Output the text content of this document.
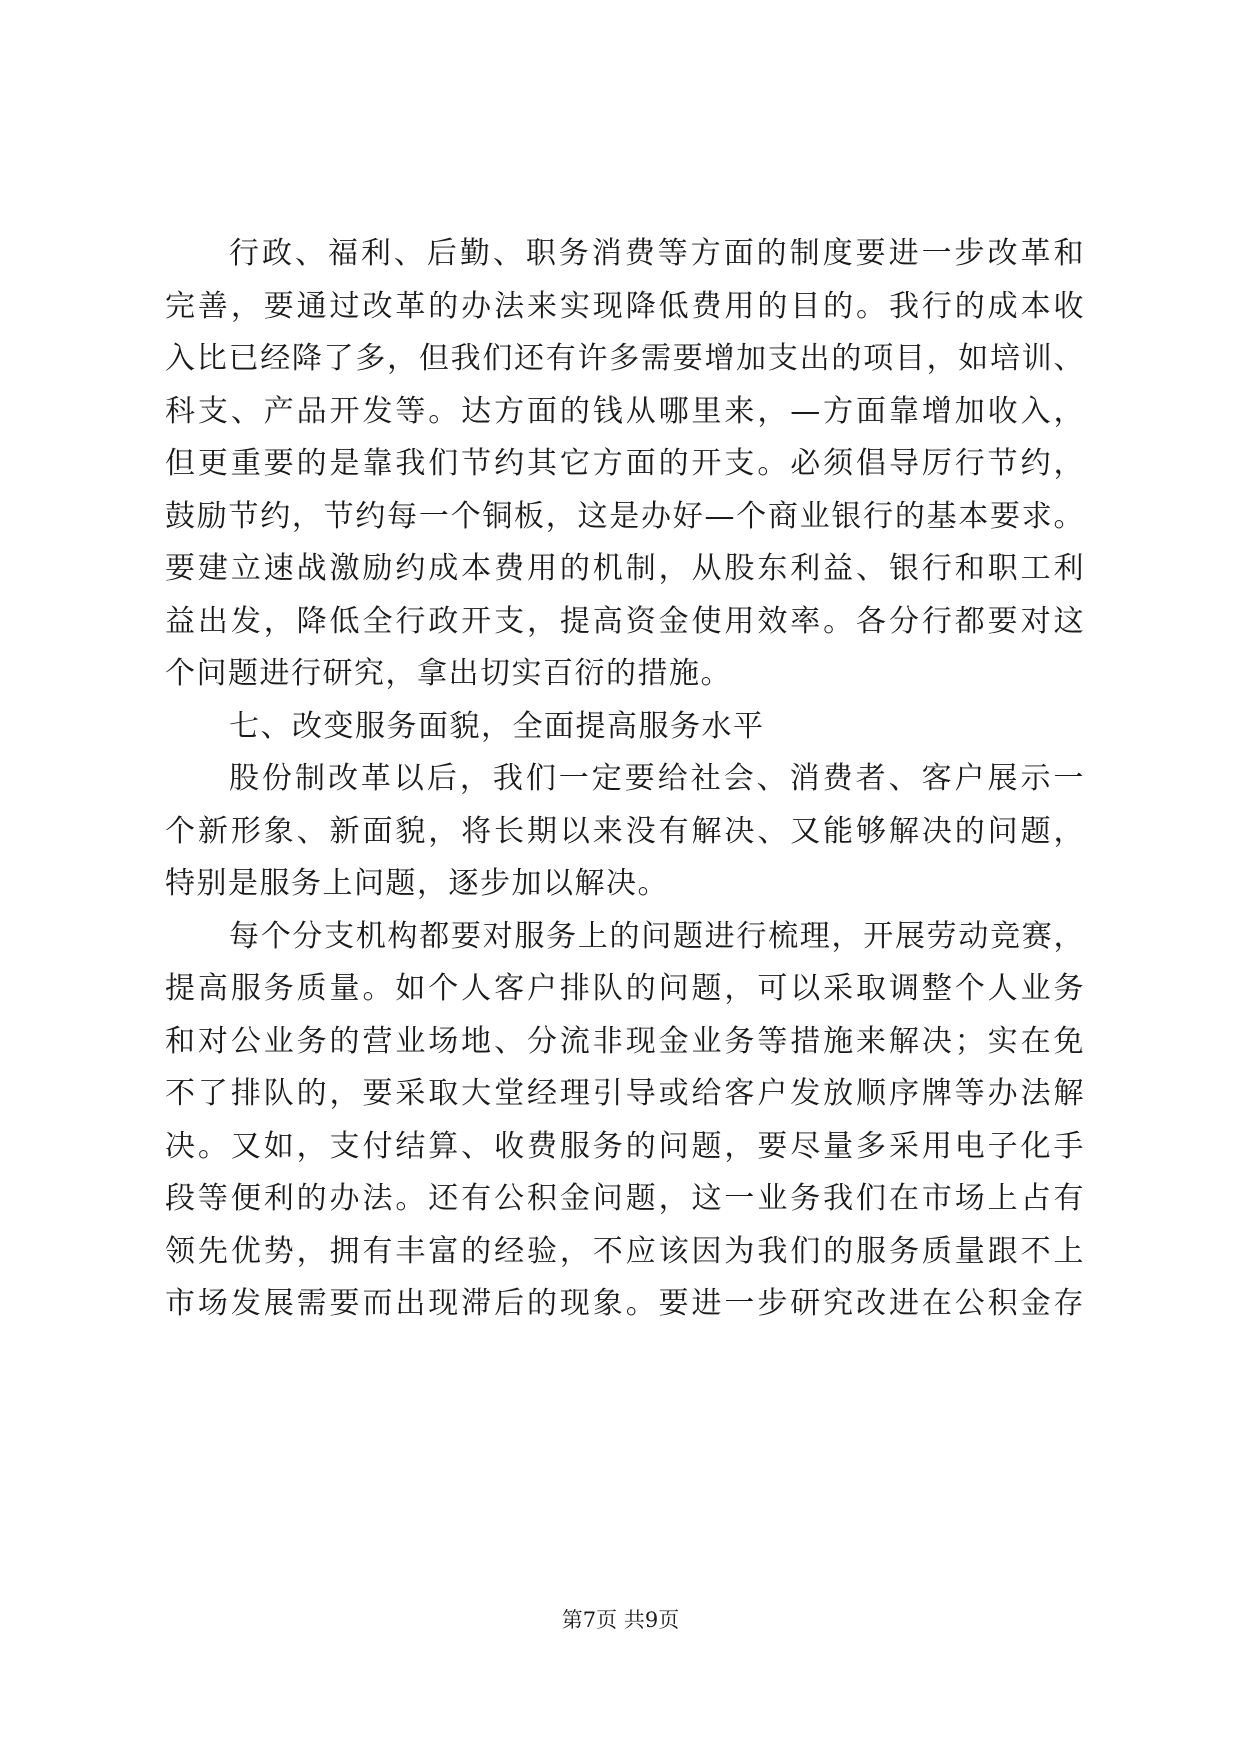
行政、福利、后勤、职务消费等方面的制度要进一步改革和
完善，要通过改革的办法来实现降低费用的目的。我行的成本收
入比已经降了多，但我们还有许多需要增加支出的项目，如培训、
科支、产品开发等。达方面的钱从哪里来，—方面靠增加收入，
但更重要的是靠我们节约其它方面的开支。必须倡导厉行节约，
鼓励节约，节约每一个铜板，这是办好—个商业银行的基本要求。
要建立速战激励约成本费用的机制，从股东利益、银行和职工利
益出发，降低全行政开支，提高资金使用效率。各分行都要对这
个问题进行研究，拿出切实百衍的措施。
七、改变服务面貌，全面提高服务水平
股份制改革以后，我们一定要给社会、消费者、客户展示一
个新形象、新面貌，将长期以来没有解决、又能够解决的问题，
特别是服务上问题，逐步加以解决。
每个分支机构都要对服务上的问题进行梳理，开展劳动竞赛，
提高服务质量。如个人客户排队的问题，可以采取调整个人业务
和对公业务的营业场地、分流非现金业务等措施来解决；实在免
不了排队的，要采取大堂经理引导或给客户发放顺序牌等办法解
决。又如，支付结算、收费服务的问题，要尽量多采用电子化手
段等便利的办法。还有公积金问题，这一业务我们在市场上占有
领先优势，拥有丰富的经验，不应该因为我们的服务质量跟不上
市场发展需要而出现滞后的现象。要进一步研究改进在公积金存
第7页 共9页
